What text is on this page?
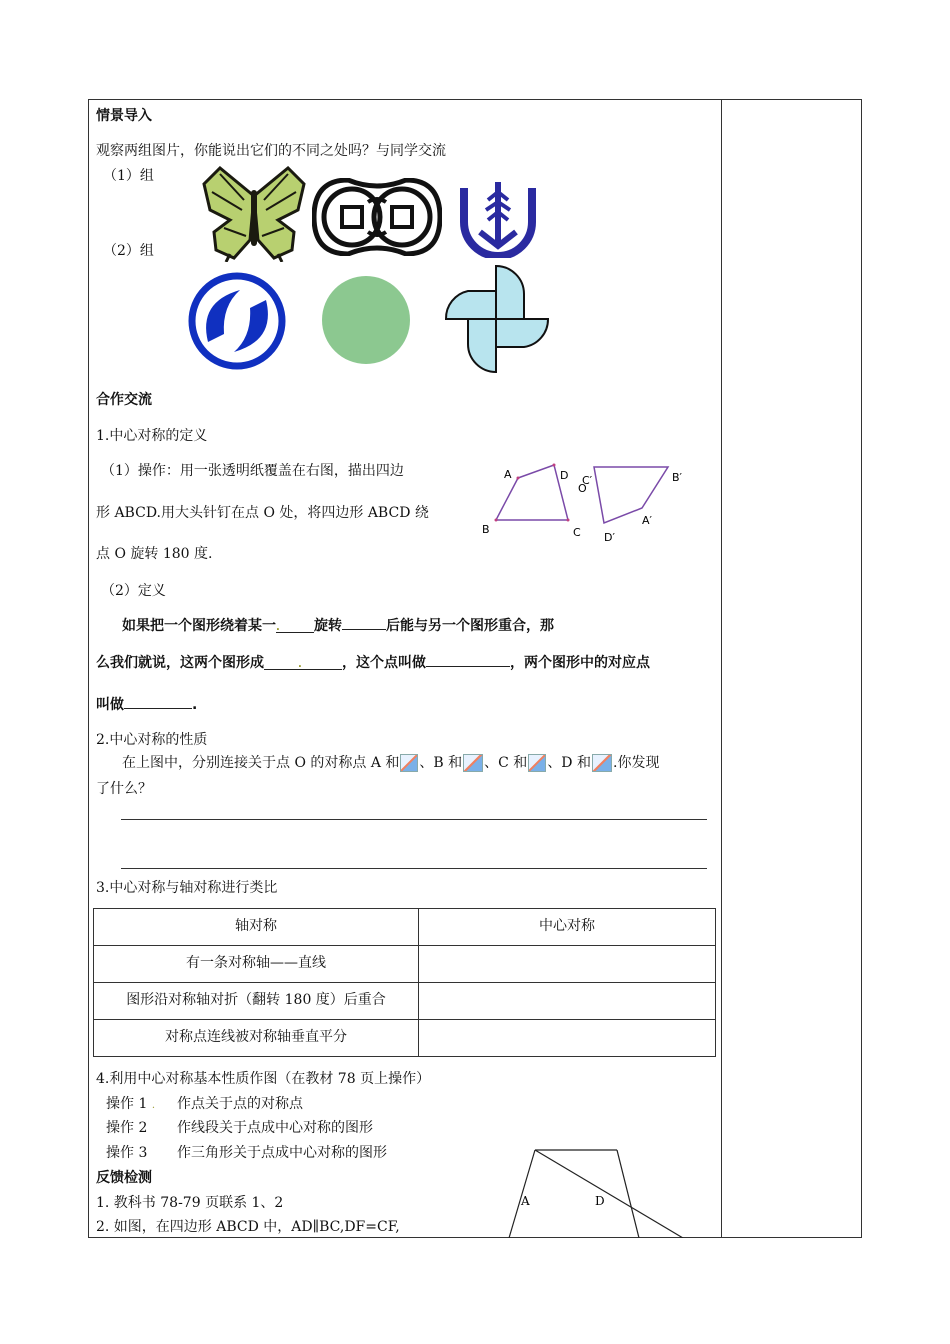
情景导入
观察两组图片，你能说出它们的不同之处吗？与同学交流
（1）组
（2）组
合作交流
1.中心对称的定义
（1）操作：用一张透明纸覆盖在右图，描出四边
形 ABCD.用大头针钉在点 O 处，将四边形 ABCD 绕
点 O 旋转 180 度.
A	D
B	C
C′
O
B′
A′
D′
（2）定义
如果把一个图形绕着某一. 旋转	后能与另一个图形重合，那
么我们就说，这两个图形成	.	，这个点叫做	，两个图形中的对应点
叫做	.
2.中心对称的性质
在上图中，分别连接关于点 O 的对称点 A 和 、B 和 、C 和 、D 和 .你发现
了什么？
3.中心对称与轴对称进行类比
轴对称	中心对称
有一条对称轴——直线	
图形沿对称轴对折（翻转 180 度）后重合	
对称点连线被对称轴垂直平分	
4.利用中心对称基本性质作图（在教材 78 页上操作）
操作 1 . 作点关于点的对称点
操作 2 作线段关于点成中心对称的图形
操作 3 作三角形关于点成中心对称的图形
反馈检测
1. 教科书 78-79 页联系 1、2
2. 如图，在四边形 ABCD 中，AD∥BC,DF=CF,
A	D
